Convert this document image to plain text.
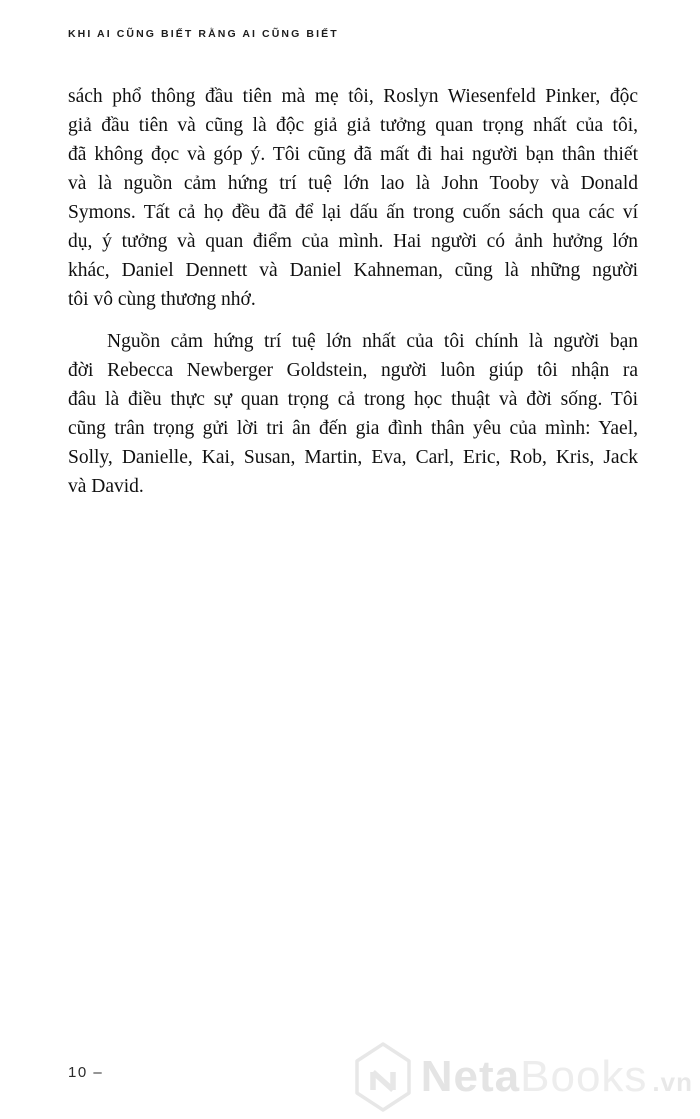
KHI AI CŨNG BIẾT RẰNG AI CŨNG BIẾT
sách phổ thông đầu tiên mà mẹ tôi, Roslyn Wiesenfeld Pinker, độc
giả đầu tiên và cũng là độc giả giả tưởng quan trọng nhất của tôi,
đã không đọc và góp ý. Tôi cũng đã mất đi hai người bạn thân thiết
và là nguồn cảm hứng trí tuệ lớn lao là John Tooby và Donald
Symons. Tất cả họ đều đã để lại dấu ấn trong cuốn sách qua các ví
dụ, ý tưởng và quan điểm của mình. Hai người có ảnh hưởng lớn
khác, Daniel Dennett và Daniel Kahneman, cũng là những người
tôi vô cùng thương nhớ.
Nguồn cảm hứng trí tuệ lớn nhất của tôi chính là người bạn
đời Rebecca Newberger Goldstein, người luôn giúp tôi nhận ra
đâu là điều thực sự quan trọng cả trong học thuật và đời sống. Tôi
cũng trân trọng gửi lời tri ân đến gia đình thân yêu của mình: Yael,
Solly, Danielle, Kai, Susan, Martin, Eva, Carl, Eric, Rob, Kris, Jack
và David.
10 –	Neta Books .vn
